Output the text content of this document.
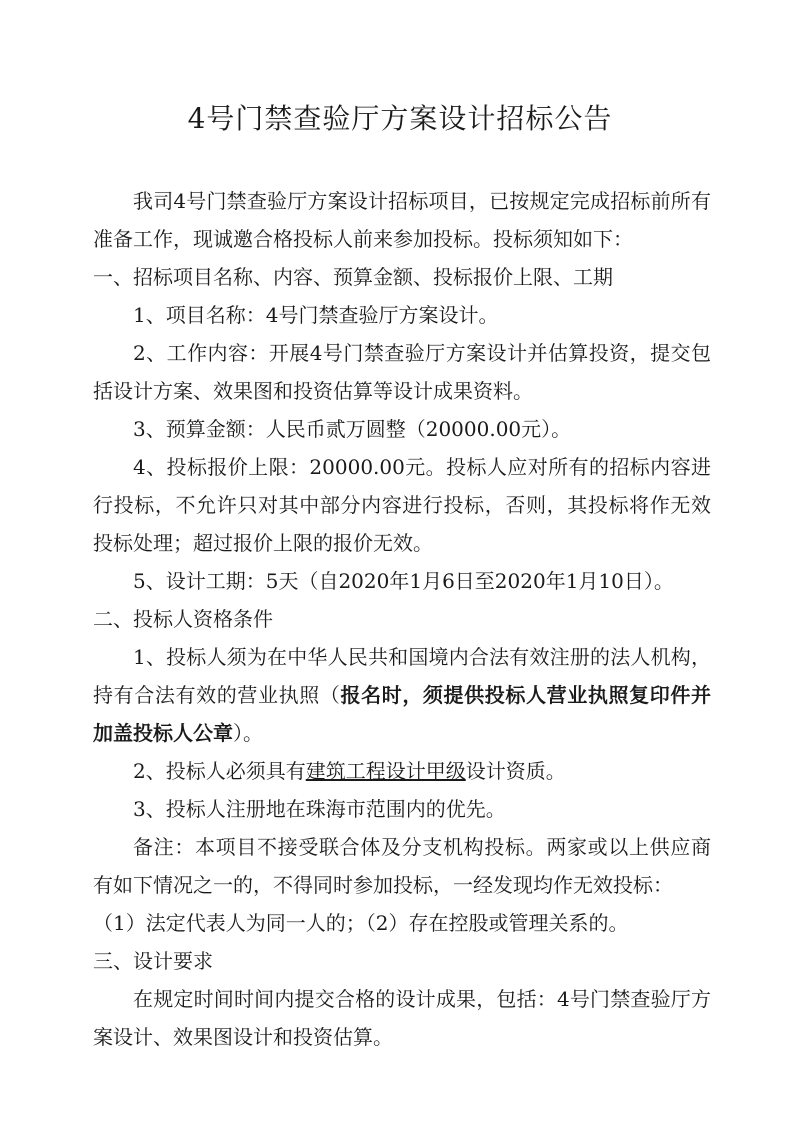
4号门禁查验厅方案设计招标公告

我司4号门禁查验厅方案设计招标项目，已按规定完成招标前所有准备工作，现诚邀合格投标人前来参加投标。投标须知如下：

一、招标项目名称、内容、预算金额、投标报价上限、工期

1、项目名称：4号门禁查验厅方案设计。

2、工作内容：开展4号门禁查验厅方案设计并估算投资，提交包括设计方案、效果图和投资估算等设计成果资料。

3、预算金额：人民币贰万圆整（20000.00元）。

4、投标报价上限：20000.00元。投标人应对所有的招标内容进行投标，不允许只对其中部分内容进行投标，否则，其投标将作无效投标处理；超过报价上限的报价无效。

5、设计工期：5天（自2020年1月6日至2020年1月10日）。

二、投标人资格条件

1、投标人须为在中华人民共和国境内合法有效注册的法人机构，持有合法有效的营业执照（报名时，须提供投标人营业执照复印件并加盖投标人公章）。

2、投标人必须具有建筑工程设计甲级设计资质。

3、投标人注册地在珠海市范围内的优先。

备注：本项目不接受联合体及分支机构投标。两家或以上供应商有如下情况之一的，不得同时参加投标，一经发现均作无效投标：

（1）法定代表人为同一人的；（2）存在控股或管理关系的。

三、设计要求

在规定时间时间内提交合格的设计成果，包括：4号门禁查验厅方案设计、效果图设计和投资估算。
